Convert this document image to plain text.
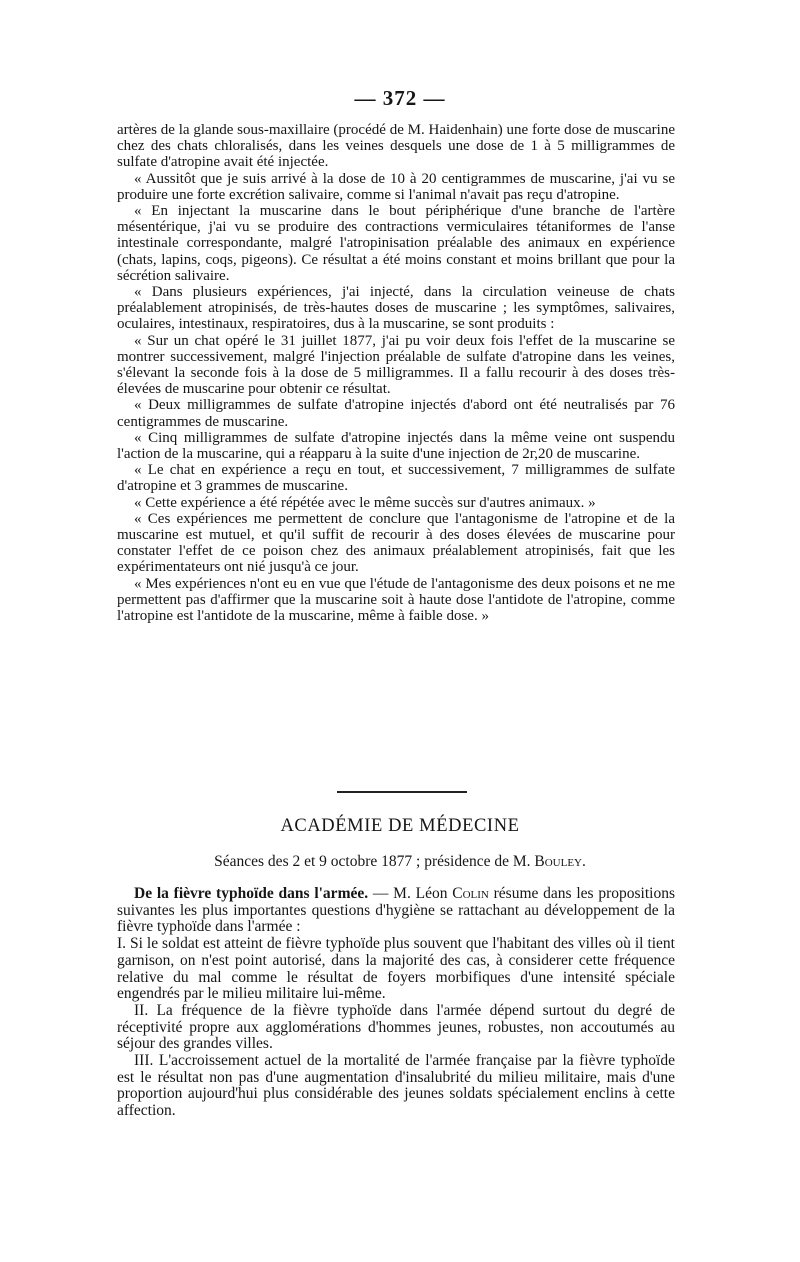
— 372 —

artères de la glande sous-maxillaire (procédé de M. Haidenhain) une forte dose de muscarine chez des chats chloralisés, dans les veines desquels une dose de 1 à 5 milligrammes de sulfate d'atropine avait été injectée.

« Aussitôt que je suis arrivé à la dose de 10 à 20 centigrammes de muscarine, j'ai vu se produire une forte excrétion salivaire, comme si l'animal n'avait pas reçu d'atropine.

« En injectant la muscarine dans le bout périphérique d'une branche de l'artère mésentérique, j'ai vu se produire des contractions vermiculaires tétaniformes de l'anse intestinale correspondante, malgré l'atropinisation préalable des animaux en expérience (chats, lapins, coqs, pigeons). Ce résultat a été moins constant et moins brillant que pour la sécrétion salivaire.

« Dans plusieurs expériences, j'ai injecté, dans la circulation veineuse de chats préalablement atropinisés, de très-hautes doses de muscarine ; les symptômes, salivaires, oculaires, intestinaux, respiratoires, dus à la muscarine, se sont produits :

« Sur un chat opéré le 31 juillet 1877, j'ai pu voir deux fois l'effet de la muscarine se montrer successivement, malgré l'injection préalable de sulfate d'atropine dans les veines, s'élevant la seconde fois à la dose de 5 milligrammes. Il a fallu recourir à des doses très-élevées de muscarine pour obtenir ce résultat.

« Deux milligrammes de sulfate d'atropine injectés d'abord ont été neutralisés par 76 centigrammes de muscarine.

« Cinq milligrammes de sulfate d'atropine injectés dans la même veine ont suspendu l'action de la muscarine, qui a réapparu à la suite d'une injection de 2г,20 de muscarine.

« Le chat en expérience a reçu en tout, et successivement, 7 milligrammes de sulfate d'atropine et 3 grammes de muscarine.

« Cette expérience a été répétée avec le même succès sur d'autres animaux. »

« Ces expériences me permettent de conclure que l'antagonisme de l'atropine et de la muscarine est mutuel, et qu'il suffit de recourir à des doses élevées de muscarine pour constater l'effet de ce poison chez des animaux préalablement atropinisés, fait que les expérimentateurs ont nié jusqu'à ce jour.

« Mes expériences n'ont eu en vue que l'étude de l'antagonisme des deux poisons et ne me permettent pas d'affirmer que la muscarine soit à haute dose l'antidote de l'atropine, comme l'atropine est l'antidote de la muscarine, même à faible dose. »

ACADÉMIE DE MÉDECINE
Séances des 2 et 9 octobre 1877 ; présidence de M. Bouley.

De la fièvre typhoïde dans l'armée. — M. Léon Colin résume dans les propositions suivantes les plus importantes questions d'hygiène se rattachant au développement de la fièvre typhoïde dans l'armée :

I. Si le soldat est atteint de fièvre typhoïde plus souvent que l'habitant des villes où il tient garnison, on n'est point autorisé, dans la majorité des cas, à considerer cette fréquence relative du mal comme le résultat de foyers morbifiques d'une intensité spéciale engendrés par le milieu militaire lui-même.

II. La fréquence de la fièvre typhoïde dans l'armée dépend surtout du degré de réceptivité propre aux agglomérations d'hommes jeunes, robustes, non accoutumés au séjour des grandes villes.

III. L'accroissement actuel de la mortalité de l'armée française par la fièvre typhoïde est le résultat non pas d'une augmentation d'insalubrité du milieu militaire, mais d'une proportion aujourd'hui plus considérable des jeunes soldats spécialement enclins à cette affection.
